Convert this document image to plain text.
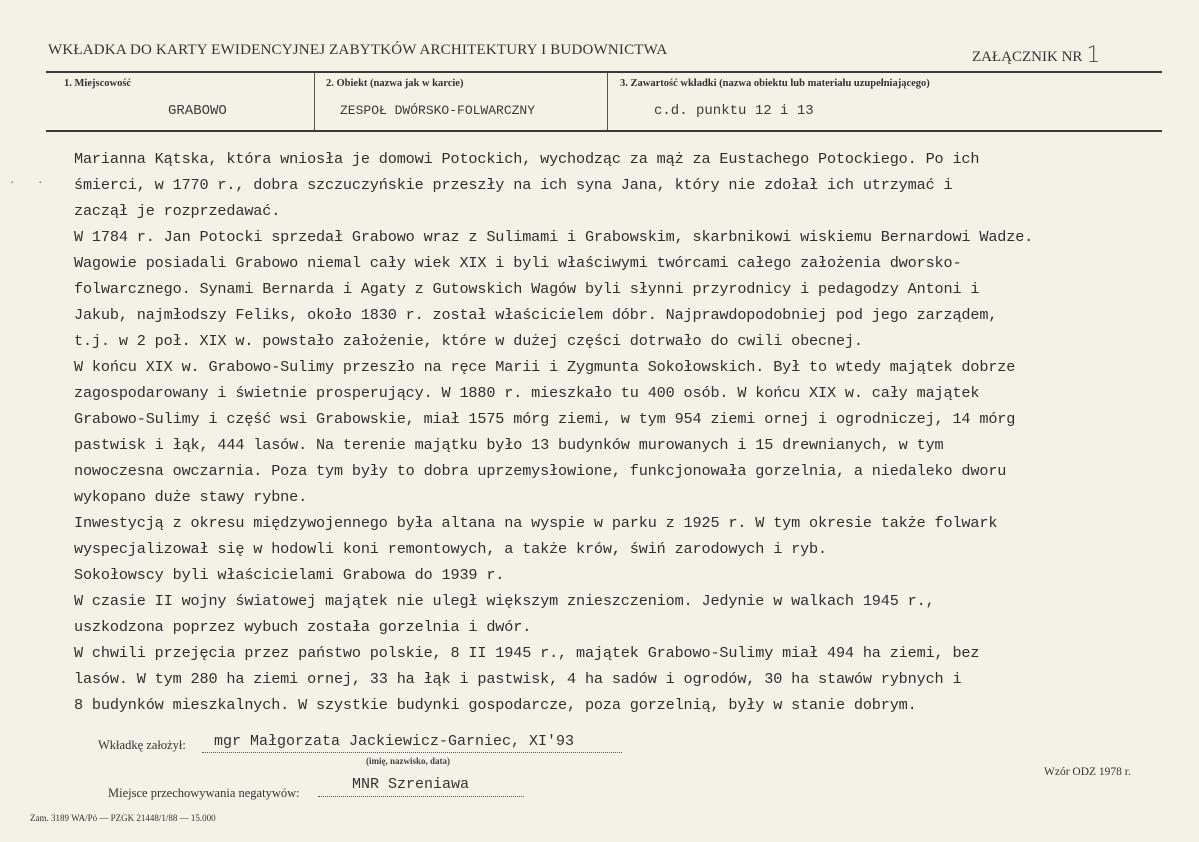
WKŁADKA DO KARTY EWIDENCYJNEJ ZABYTKÓW ARCHITEKTURY I BUDOWNICTWA	ZAŁĄCZNIK NR 1
1. Miejscowość	2. Obiekt (nazwa jak w karcie)	3. Zawartość wkładki (nazwa obiektu lub materiału uzupełniającego)
GRABOWO	ZESPOŁ DWÓRSKO-FOLWARCZNY	c.d. punktu 12 i 13
· ·
Marianna Kątska, która wniosła je domowi Potockich, wychodząc za mąż za Eustachego Potockiego. Po ich
śmierci, w 1770 r., dobra szczuczyńskie przeszły na ich syna Jana, który nie zdołał ich utrzymać i
zaczął je rozprzedawać.
W 1784 r. Jan Potocki sprzedał Grabowo wraz z Sulimami i Grabowskim, skarbnikowi wiskiemu Bernardowi Wadze.
Wagowie posiadali Grabowo niemal cały wiek XIX i byli właściwymi twórcami całego założenia dworsko-
folwarcznego. Synami Bernarda i Agaty z Gutowskich Wagów byli słynni przyrodnicy i pedagodzy Antoni i
Jakub, najmłodszy Feliks, około 1830 r. został właścicielem dóbr. Najprawdopodobniej pod jego zarządem,
t.j. w 2 poł. XIX w. powstało założenie, które w dużej części dotrwało do cwili obecnej.
W końcu XIX w. Grabowo-Sulimy przeszło na ręce Marii i Zygmunta Sokołowskich. Był to wtedy majątek dobrze
zagospodarowany i świetnie prosperujący. W 1880 r. mieszkało tu 400 osób. W końcu XIX w. cały majątek
Grabowo-Sulimy i część wsi Grabowskie, miał 1575 mórg ziemi, w tym 954 ziemi ornej i ogrodniczej, 14 mórg
pastwisk i łąk, 444 lasów. Na terenie majątku było 13 budynków murowanych i 15 drewnianych, w tym
nowoczesna owczarnia. Poza tym były to dobra uprzemysłowione, funkcjonowała gorzelnia, a niedaleko dworu
wykopano duże stawy rybne.
Inwestycją z okresu międzywojennego była altana na wyspie w parku z 1925 r. W tym okresie także folwark
wyspecjalizował się w hodowli koni remontowych, a także krów, świń zarodowych i ryb.
Sokołowscy byli właścicielami Grabowa do 1939 r.
W czasie II wojny światowej majątek nie uległ większym znieszczeniom. Jedynie w walkach 1945 r.,
uszkodzona poprzez wybuch została gorzelnia i dwór.
W chwili przejęcia przez państwo polskie, 8 II 1945 r., majątek Grabowo-Sulimy miał 494 ha ziemi, bez
lasów. W tym 280 ha ziemi ornej, 33 ha łąk i pastwisk, 4 ha sadów i ogrodów, 30 ha stawów rybnych i
8 budynków mieszkalnych. W szystkie budynki gospodarcze, poza gorzelnią, były w stanie dobrym.
Wkładkę założył: mgr Małgorzata Jackiewicz-Garniec, XI'93
(imię, nazwisko, data)
Miejsce przechowywania negatywów:	MNR Szreniawa
Wzór ODZ 1978 r.
Zam. 3189 WA/Pó — PZGK 21448/1/88 — 15.000
